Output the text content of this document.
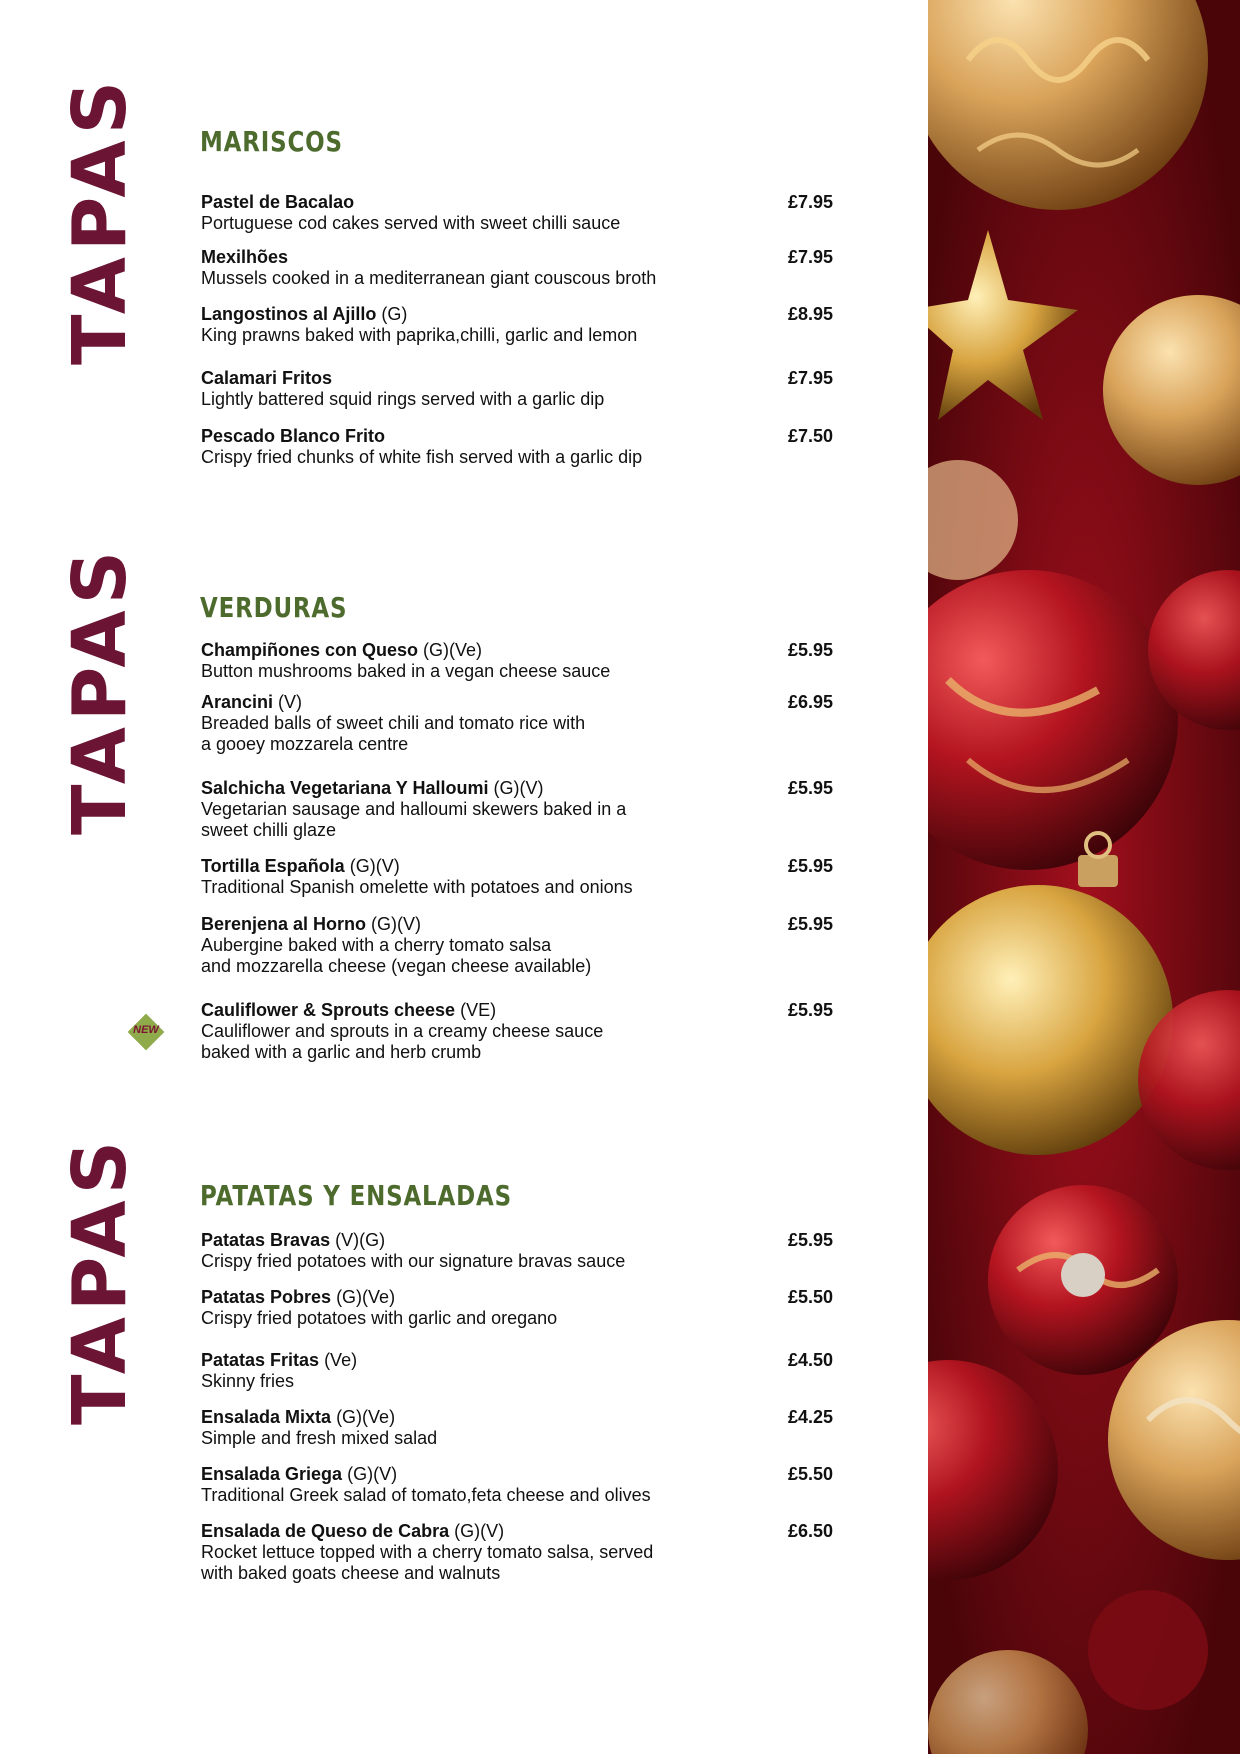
TAPAS MARISCOS
Pastel de Bacalao
Portuguese cod cakes served with sweet chilli sauce
£7.95
Mexilhões
Mussels cooked in a mediterranean giant couscous broth
£7.95
Langostinos al Ajillo (G)
King prawns baked with paprika,chilli, garlic and lemon
£8.95
Calamari Fritos
Lightly battered squid rings served with a garlic dip
£7.95
Pescado Blanco Frito
Crispy fried chunks of white fish served with a garlic dip
£7.50
TAPAS VERDURAS
Champiñones con Queso (G)(Ve)
Button mushrooms baked in a vegan cheese sauce
£5.95
Arancini (V)
Breaded balls of sweet chili and tomato rice with
a gooey mozzarela centre
£6.95
Salchicha Vegetariana Y Halloumi (G)(V)
Vegetarian sausage and halloumi skewers baked in a
sweet chilli glaze
£5.95
Tortilla Española (G)(V)
Traditional Spanish omelette with potatoes and onions
£5.95
Berenjena al Horno (G)(V)
Aubergine baked with a cherry tomato salsa
and mozzarella cheese (vegan cheese available)
£5.95
Cauliflower & Sprouts cheese (VE)
Cauliflower and sprouts in a creamy cheese sauce
baked with a garlic and herb crumb
£5.95
NEW
TAPAS PATATAS Y ENSALADAS
Patatas Bravas (V)(G)
Crispy fried potatoes with our signature bravas sauce
£5.95
Patatas Pobres (G)(Ve)
Crispy fried potatoes with garlic and oregano
£5.50
Patatas Fritas (Ve)
Skinny fries
£4.50
Ensalada Mixta (G)(Ve)
Simple and fresh mixed salad
£4.25
Ensalada Griega (G)(V)
Traditional Greek salad of tomato,feta cheese and olives
£5.50
Ensalada de Queso de Cabra (G)(V)
Rocket lettuce topped with a cherry tomato salsa, served
with baked goats cheese and walnuts
£6.50
